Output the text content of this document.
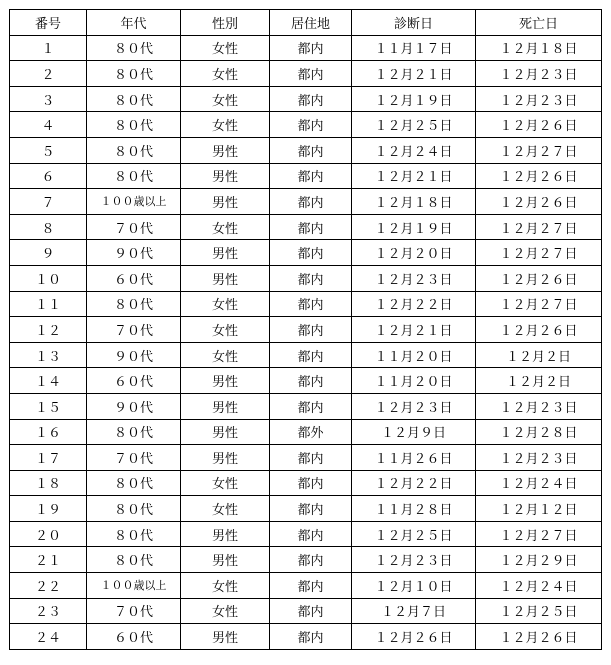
番号	年代	性別	居住地	診断日	死亡日
１	８０代	女性	都内	１１月１７日	１２月１８日
２	８０代	女性	都内	１２月２１日	１２月２３日
３	８０代	女性	都内	１２月１９日	１２月２３日
４	８０代	女性	都内	１２月２５日	１２月２６日
５	８０代	男性	都内	１２月２４日	１２月２７日
６	８０代	男性	都内	１２月２１日	１２月２６日
７	１００歳以上	男性	都内	１２月１８日	１２月２６日
８	７０代	女性	都内	１２月１９日	１２月２７日
９	９０代	男性	都内	１２月２０日	１２月２７日
１０	６０代	男性	都内	１２月２３日	１２月２６日
１１	８０代	女性	都内	１２月２２日	１２月２７日
１２	７０代	女性	都内	１２月２１日	１２月２６日
１３	９０代	女性	都内	１１月２０日	１２月２日
１４	６０代	男性	都内	１１月２０日	１２月２日
１５	９０代	男性	都内	１２月２３日	１２月２３日
１６	８０代	男性	都外	１２月９日	１２月２８日
１７	７０代	男性	都内	１１月２６日	１２月２３日
１８	８０代	女性	都内	１２月２２日	１２月２４日
１９	８０代	女性	都内	１１月２８日	１２月１２日
２０	８０代	男性	都内	１２月２５日	１２月２７日
２１	８０代	男性	都内	１２月２３日	１２月２９日
２２	１００歳以上	女性	都内	１２月１０日	１２月２４日
２３	７０代	女性	都内	１２月７日	１２月２５日
２４	６０代	男性	都内	１２月２６日	１２月２６日
